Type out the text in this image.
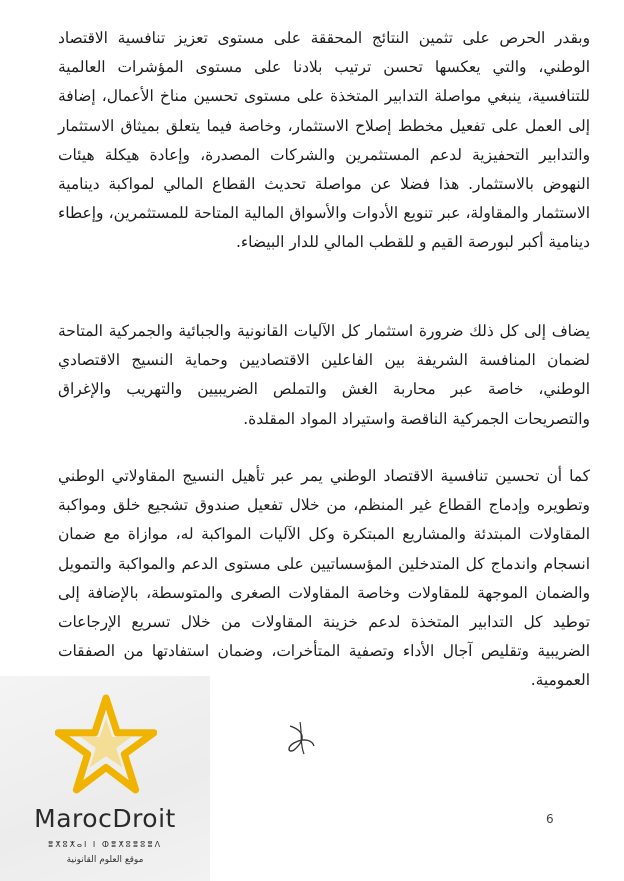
وبقدر الحرص على تثمين النتائج المحققة على مستوى تعزيز تنافسية الاقتصاد الوطني، والتي يعكسها تحسن ترتيب بلادنا على مستوى المؤشرات العالمية للتنافسية، ينبغي مواصلة التدابير المتخذة على مستوى تحسين مناخ الأعمال، إضافة إلى العمل على تفعيل مخطط إصلاح الاستثمار، وخاصة فيما يتعلق بميثاق الاستثمار والتدابير التحفيزية لدعم المستثمرين والشركات المصدرة، وإعادة هيكلة هيئات النهوض بالاستثمار. هذا فضلا عن مواصلة تحديث القطاع المالي لمواكبة دينامية الاستثمار والمقاولة، عبر تنويع الأدوات والأسواق المالية المتاحة للمستثمرين، وإعطاء دينامية أكبر لبورصة القيم و للقطب المالي للدار البيضاء.

يضاف إلى كل ذلك ضرورة استثمار كل الآليات القانونية والجبائية والجمركية المتاحة لضمان المنافسة الشريفة بين الفاعلين الاقتصاديين وحماية النسيج الاقتصادي الوطني، خاصة عبر محاربة الغش والتملص الضريبيين والتهريب والإغراق والتصريحات الجمركية الناقصة واستيراد المواد المقلدة.

كما أن تحسين تنافسية الاقتصاد الوطني يمر عبر تأهيل النسيج المقاولاتي الوطني وتطويره وإدماج القطاع غير المنظم، من خلال تفعيل صندوق تشجيع خلق ومواكبة المقاولات المبتدئة والمشاريع المبتكرة وكل الآليات المواكبة له، موازاة مع ضمان انسجام واندماج كل المتدخلين المؤسساتيين على مستوى الدعم والمواكبة والتمويل والضمان الموجهة للمقاولات وخاصة المقاولات الصغرى والمتوسطة، بالإضافة إلى توطيد كل التدابير المتخذة لدعم خزينة المقاولات من خلال تسريع الإرجاعات الضريبية وتقليص آجال الأداء وتصفية المتأخرات، وضمان استفادتها من الصفقات العمومية.

6
MarocDroit
ⴻⵅⵓⵅⴰⵏ ⵏ ⵀⴻⵅⵓⴻⵓⴻⴷ
موقع العلوم القانونية
